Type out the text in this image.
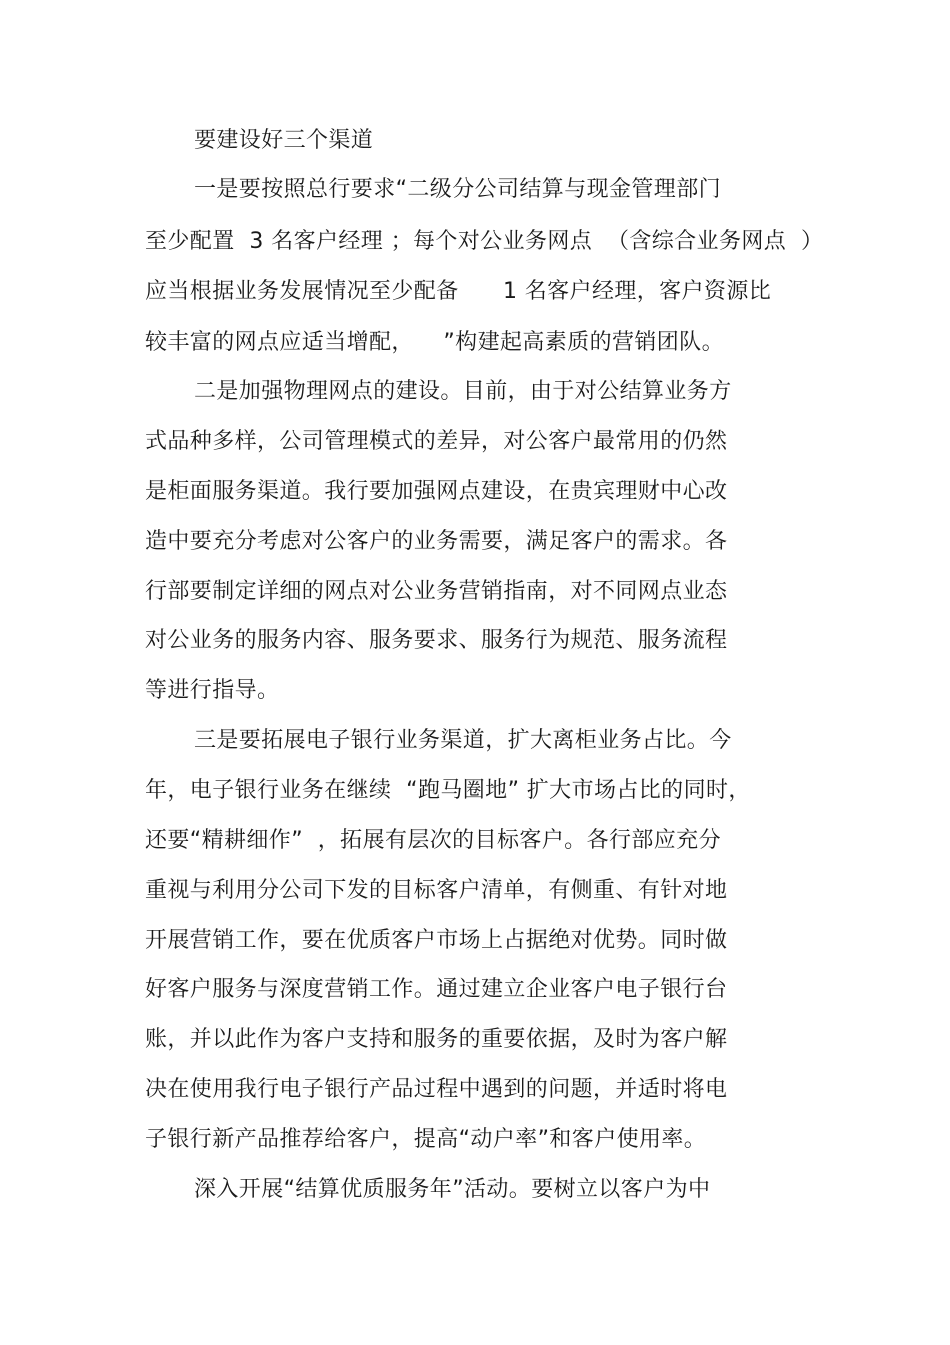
要建设好三个渠道
一是要按照总行要求“二级分公司结算与现金管理部门
至少配置  3 名客户经理 ；每个对公业务网点  （含综合业务网点  ）
应当根据业务发展情况至少配备      1 名客户经理，客户资源比
较丰富的网点应适当增配，    ”构建起高素质的营销团队。
二是加强物理网点的建设。目前，由于对公结算业务方
式品种多样，公司管理模式的差异，对公客户最常用的仍然
是柜面服务渠道。我行要加强网点建设，在贵宾理财中心改
造中要充分考虑对公客户的业务需要，满足客户的需求。各
行部要制定详细的网点对公业务营销指南，对不同网点业态
对公业务的服务内容、服务要求、服务行为规范、服务流程
等进行指导。
三是要拓展电子银行业务渠道，扩大离柜业务占比。今
年，电子银行业务在继续  “跑马圈地” 扩大市场占比的同时，
还要“精耕细作”  ，拓展有层次的目标客户。各行部应充分
重视与利用分公司下发的目标客户清单，有侧重、有针对地
开展营销工作，要在优质客户市场上占据绝对优势。同时做
好客户服务与深度营销工作。通过建立企业客户电子银行台
账，并以此作为客户支持和服务的重要依据，及时为客户解
决在使用我行电子银行产品过程中遇到的问题，并适时将电
子银行新产品推荐给客户，提高“动户率”和客户使用率。
深入开展“结算优质服务年”活动。要树立以客户为中
